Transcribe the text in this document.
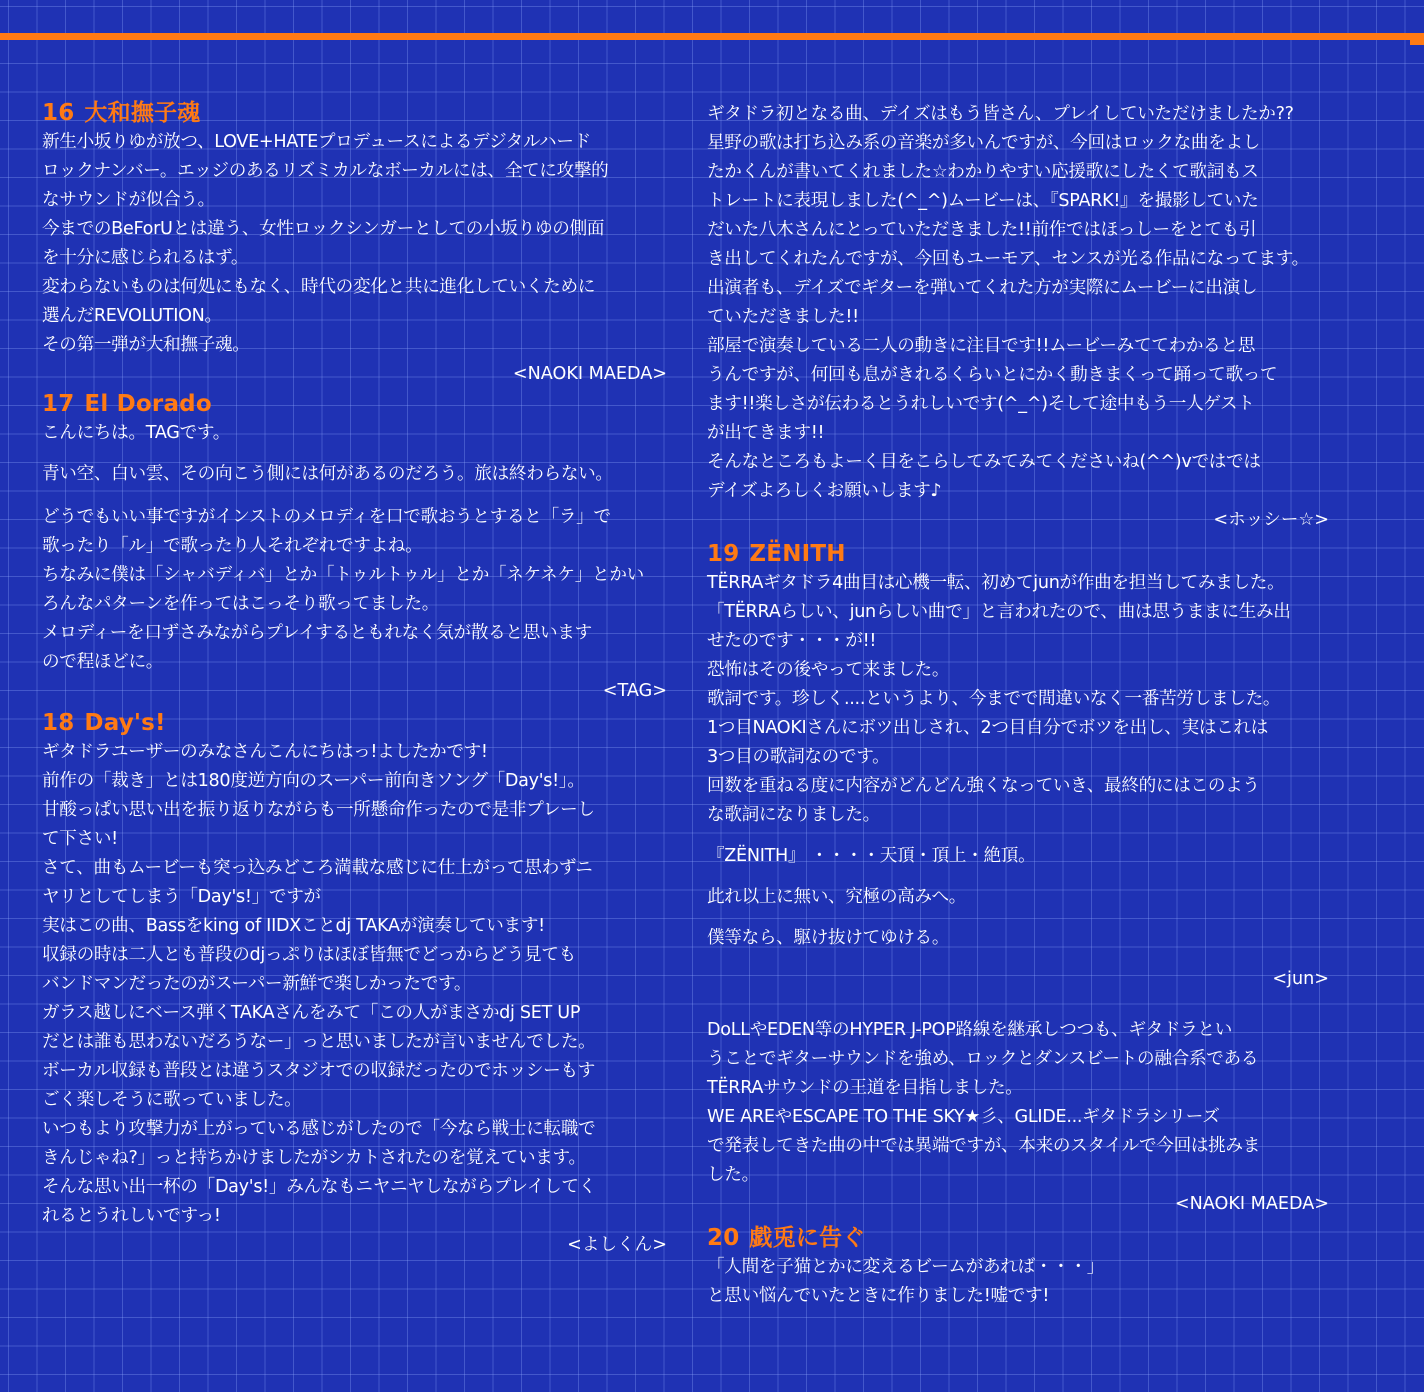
16 大和撫子魂

新生小坂りゆが放つ、LOVE+HATEプロデュースによるデジタルハード

ロックナンバー。エッジのあるリズミカルなボーカルには、全てに攻撃的

なサウンドが似合う。

今までのBeForUとは違う、女性ロックシンガーとしての小坂りゆの側面

を十分に感じられるはず。

変わらないものは何処にもなく、時代の変化と共に進化していくために

選んだREVOLUTION。

その第一弾が大和撫子魂。

<NAOKI MAEDA>

17 El Dorado

こんにちは。TAGです。

青い空、白い雲、その向こう側には何があるのだろう。旅は終わらない。

どうでもいい事ですがインストのメロディを口で歌おうとすると「ラ」で

歌ったり「ル」で歌ったり人それぞれですよね。

ちなみに僕は「シャバディバ」とか「トゥルトゥル」とか「ネケネケ」とかい

ろんなパターンを作ってはこっそり歌ってました。

メロディーを口ずさみながらプレイするともれなく気が散ると思います

ので程ほどに。

<TAG>

18 Day's!

ギタドラユーザーのみなさんこんにちはっ!よしたかです!

前作の「裁き」とは180度逆方向のスーパー前向きソング「Day's!」。

甘酸っぱい思い出を振り返りながらも一所懸命作ったので是非プレーし

て下さい!

さて、曲もムービーも突っ込みどころ満載な感じに仕上がって思わずニ

ヤリとしてしまう「Day's!」ですが

実はこの曲、Bassをking of IIDXことdj TAKAが演奏しています!

収録の時は二人とも普段のdjっぷりはほぼ皆無でどっからどう見ても

バンドマンだったのがスーパー新鮮で楽しかったです。

ガラス越しにベース弾くTAKAさんをみて「この人がまさかdj SET UP

だとは誰も思わないだろうなー」っと思いましたが言いませんでした。

ボーカル収録も普段とは違うスタジオでの収録だったのでホッシーもす

ごく楽しそうに歌っていました。

いつもより攻撃力が上がっている感じがしたので「今なら戦士に転職で

きんじゃね?」っと持ちかけましたがシカトされたのを覚えています。

そんな思い出一杯の「Day's!」みんなもニヤニヤしながらプレイしてく

れるとうれしいですっ!

<よしくん>

ギタドラ初となる曲、デイズはもう皆さん、プレイしていただけましたか??

星野の歌は打ち込み系の音楽が多いんですが、今回はロックな曲をよし

たかくんが書いてくれました☆わかりやすい応援歌にしたくて歌詞もス

トレートに表現しました(^_^)ムービーは、『SPARK!』を撮影していた

だいた八木さんにとっていただきました!!前作ではほっしーをとても引

き出してくれたんですが、今回もユーモア、センスが光る作品になってます。

出演者も、デイズでギターを弾いてくれた方が実際にムービーに出演し

ていただきました!!

部屋で演奏している二人の動きに注目です!!ムービーみててわかると思

うんですが、何回も息がきれるくらいとにかく動きまくって踊って歌って

ます!!楽しさが伝わるとうれしいです(^_^)そして途中もう一人ゲスト

が出てきます!!

そんなところもよーく目をこらしてみてみてくださいね(^^)vではでは

デイズよろしくお願いします♪

<ホッシー☆>

19 ZËNITH

TËRRAギタドラ4曲目は心機一転、初めてjunが作曲を担当してみました。

「TËRRAらしい、junらしい曲で」と言われたので、曲は思うままに生み出

せたのです・・・が!!

恐怖はその後やって来ました。

歌詞です。珍しく....というより、今までで間違いなく一番苦労しました。

1つ目NAOKIさんにボツ出しされ、2つ目自分でボツを出し、実はこれは

3つ目の歌詞なのです。

回数を重ねる度に内容がどんどん強くなっていき、最終的にはこのよう

な歌詞になりました。

『ZËNITH』 ・・・・天頂・頂上・絶頂。

此れ以上に無い、究極の高みへ。

僕等なら、駆け抜けてゆける。

<jun>

DoLLやEDEN等のHYPER J-POP路線を継承しつつも、ギタドラとい

うことでギターサウンドを強め、ロックとダンスビートの融合系である

TËRRAサウンドの王道を目指しました。

WE AREやESCAPE TO THE SKY★彡、GLIDE...ギタドラシリーズ

で発表してきた曲の中では異端ですが、本来のスタイルで今回は挑みま

した。

<NAOKI MAEDA>

20 戯兎に告ぐ

「人間を子猫とかに変えるビームがあれば・・・」

と思い悩んでいたときに作りました!嘘です!
